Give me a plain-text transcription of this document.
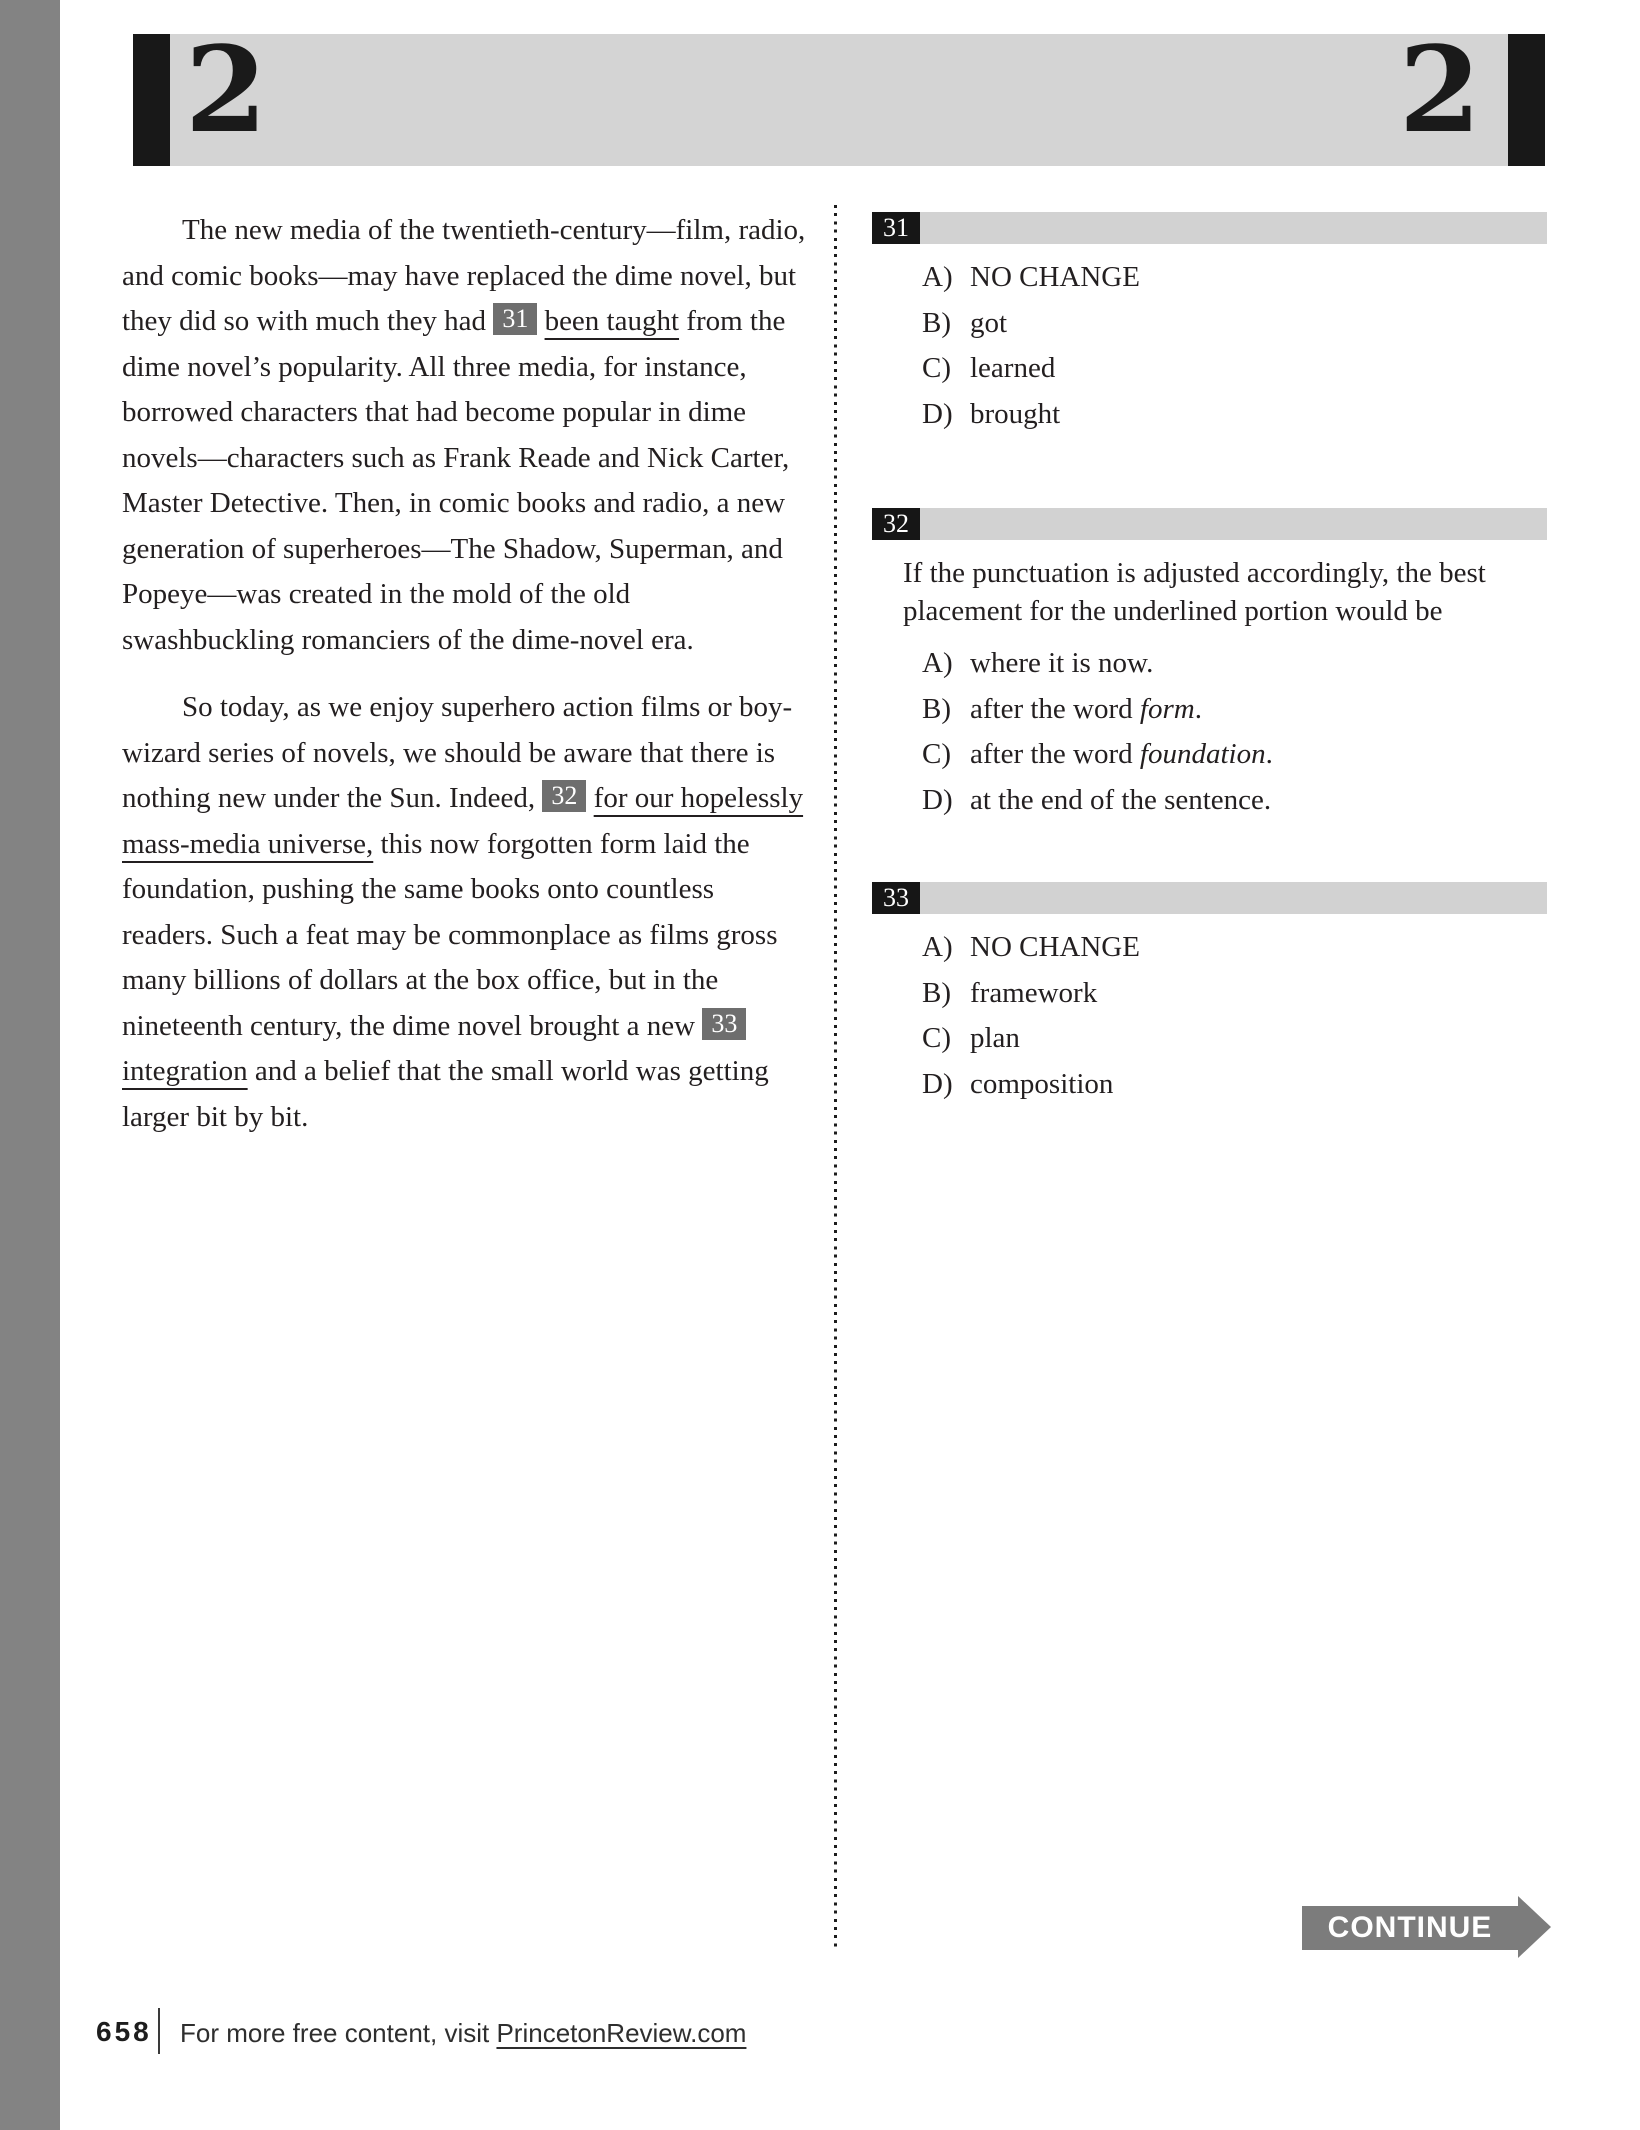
2	2

The new media of the twentieth-century—film, radio, and comic books—may have replaced the dime novel, but they did so with much they had 31 been taught from the dime novel’s popularity. All three media, for instance, borrowed characters that had become popular in dime novels—characters such as Frank Reade and Nick Carter, Master Detective. Then, in comic books and radio, a new generation of superheroes—The Shadow, Superman, and Popeye—was created in the mold of the old swashbuckling romanciers of the dime-novel era.

So today, as we enjoy superhero action films or boy-wizard series of novels, we should be aware that there is nothing new under the Sun. Indeed, 32 for our hopelessly mass-media universe, this now forgotten form laid the foundation, pushing the same books onto countless readers. Such a feat may be commonplace as films gross many billions of dollars at the box office, but in the nineteenth century, the dime novel brought a new 33 integration and a belief that the small world was getting larger bit by bit.

31
A) NO CHANGE
B) got
C) learned
D) brought
32
If the punctuation is adjusted accordingly, the best placement for the underlined portion would be
A) where it is now.
B) after the word form.
C) after the word foundation.
D) at the end of the sentence.
33
A) NO CHANGE
B) framework
C) plan
D) composition
CONTINUE
658 For more free content, visit PrincetonReview.com
